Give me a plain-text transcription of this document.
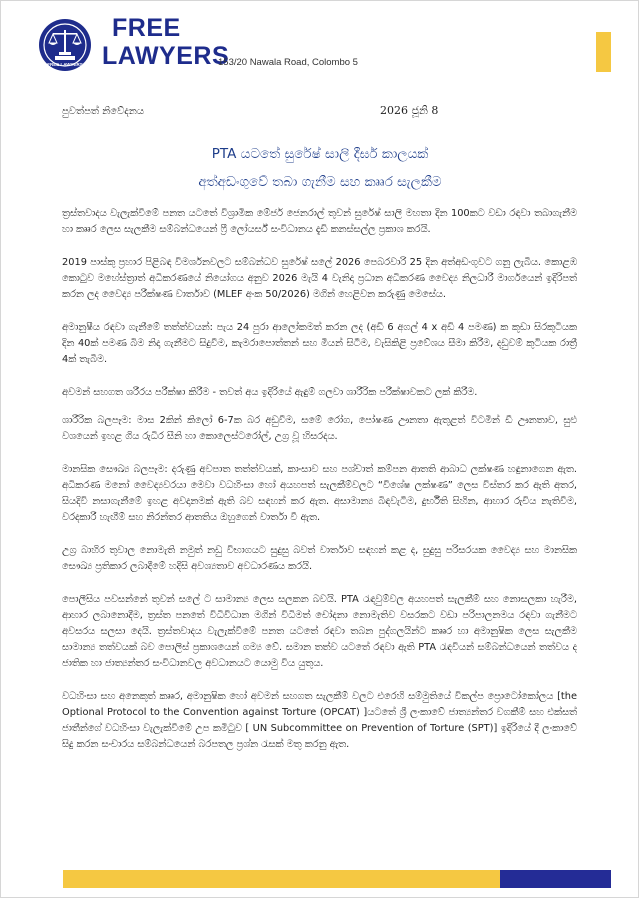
FREE LAWYERS
FREE
LAWYERS
153/20 Nawala Road, Colombo 5
පුවත්පත් නිවේදනය	2026 ජූනි 8
PTA යටතේ සුරේෂ් සාලි දීර්ඝ කාලයක්
අත්අඩංගුවේ තබා ගැනීම සහ කෲර සැලකීම

ත්‍රස්තවාදය වැලැක්වීමේ පනත යටතේ විශ්‍රාමික මේජර් ජෙනරාල් තුවන් සුරේෂ් සාලි මහතා දින 100කට වඩා රඳවා තබාගැනීම හා කෲර ලෙස සැලකීම සම්බන්ධයෙන් ෆ්‍රී ලෝයර්ස් සංවිධානය දැඩි කනස්සල්ල ප්‍රකාශ කරයි.

2019 පාස්කු ප්‍රහාර පිළිබඳ විමර්ශනවලට සම්බන්ධව සුරේෂ් සලේ 2026 පෙබරවාරි 25 දින අත්අඩංගුවට ගනු ලැබීය. කොළඹ කොටුව මහේස්ත්‍රාත් අධිකරණයේ නියෝගය අනුව 2026 මැයි 4 වැනිදා ප්‍රධාන අධිකරණ වෛද්‍ය නිලධාරී මාර්ගයෙන් ඉදිරිපත් කරන ලද වෛද්‍ය පරීක්ෂණ වාර්තාව (MLEF අංක 50/2026) මගින් හෙළිවන කරුණු මෙසේය.

අමානුෂීය රඳවා ගැනීමේ තත්ත්වයන්: පැය 24 පුරා ආලෝකමත් කරන ලද (අඩි 6 අගල් 4 x අඩි 4 පමණ) ක කුඩා සිරකුටියක දින 40ක් පමණ බිම නිදා ගැනීමට සිදුවීම, කැමරාපොත්තන් සහ මීයන් සිටීම, වැසිකිළි ප්‍රවේශය සීමා කිරීම, දඩුවම් කුටියක රාත්‍රී 4ක් තැබීම.

අවමන් සහගත ශරීරය පරීක්ෂා කිරීම - තවත් අය ඉදිරියේ ඇඳුම් ගලවා ශාරීරික පරීක්ෂාවකට ලක් කිරීම.

ශාරීරික බලපෑම: මාස 2කින් කිලෝ 6-7ක බර අඩුවීම, සමේ රෝග, පෝෂණ ඌනතා ඇතුළත් විටමින් ඩී ඌනතාව, සුළු වශයෙන් ඉහළ ගිය රුධිර සීනි හා කොලෙස්ටරෝල්, උග්‍ර වූ හිසරදය.

මානසික සෞඛ්‍ය බලපෑම: දරුණු අවපාත තත්ත්වයක්, කාංසාව සහ පශ්චාත් කම්පන ආතති ආබාධ ලක්ෂණ හඳුනාගෙන ඇත. අධිකරණ මනෝ වෛද්‍යවරයා මෙවා වධහිංසා හෝ අයහපත් සැලකීම්වලට “විශේෂ ලක්ෂණ” ලෙස විස්තර කර ඇති අතර, සියදිවි නසාගැනීමේ ඉහළ අවදානමක් ඇති බව සඳහන් කර ඇත. අසාමාන්‍ය බිඳවැටීම, දුර්භීති සිහින, ආහාර රුචිය නැතිවීම, වරදකාරී හැඟීම් සහ නිරන්තර ආතතිය ඔහුගෙන් වාර්තා වී ඇත.

උග්‍ර බාහිර තුවාල නොමැති නමුත් නඩු විභාගයට සුදුසු බවත් වාර්තාව සඳහන් කළ ද, සුදුසු පරිසරයක වෛද්‍ය සහ මානසික සෞඛ්‍ය ප්‍රතිකාර ලබාදීමේ හදිසි අවශ්‍යතාව අවධාරණය කරයි.

පොලීසිය පවසන්නේ තුවන් සලේ ට සාමාන්‍ය ලෙස සලකන බවයි. PTA රැඳවුම්වල අයහපත් සැලකීම් සහ නොසලකා හැරීම, ආහාර ලබානොදීම, ත්‍රස්ත පනතේ විධිවිධාන මගින් විධිමත් චෝදනා නොමැතිව වසරකට වඩා පරිපාලනමය රඳවා ගැනීමට අවසරය සලසා දෙයි. ත්‍රස්තවාදය වැලැක්වීමේ පනත යටතේ රඳවා තබන පුද්ගලයින්ට කෲර හා අමානුෂික ලෙස සැලකීම සාමාන්‍ය තත්වයක් බව පොලිස් ප්‍රකාශයෙන් ගම්‍ය වේ. සමාන තත්ව යටතේ රඳවා ඇති PTA රැඳවියන් සම්බන්ධයෙන් තත්වය ද ජාතික හා ජාත්‍යන්තර සංවිධානවල අවධානයට යොමු විය යුතුය.

වධහිංසා සහ අනෙකුත් කෲර, අමානුෂික හෝ අවමන් සහගත සැලකීම් වලට එරෙහි සම්මුතියේ විකල්ප ප්‍රොටෝකෝලය [the Optional Protocol to the Convention against Torture (OPCAT) ]යටතේ ශ්‍රී ලංකාවේ ජාත්‍යන්තර වගකීම් සහ එක්සත් ජාතීන්ගේ වධහිංසා වැලැක්වීමේ උප කමිටුව [ UN Subcommittee on Prevention of Torture (SPT)] ඉදිරියේ දී ලංකාවේ සිදු කරන සංචාරය සම්බන්ධයෙන් බරපතල ප්‍රශ්න රැසක් මතු කරනු ඇත.
